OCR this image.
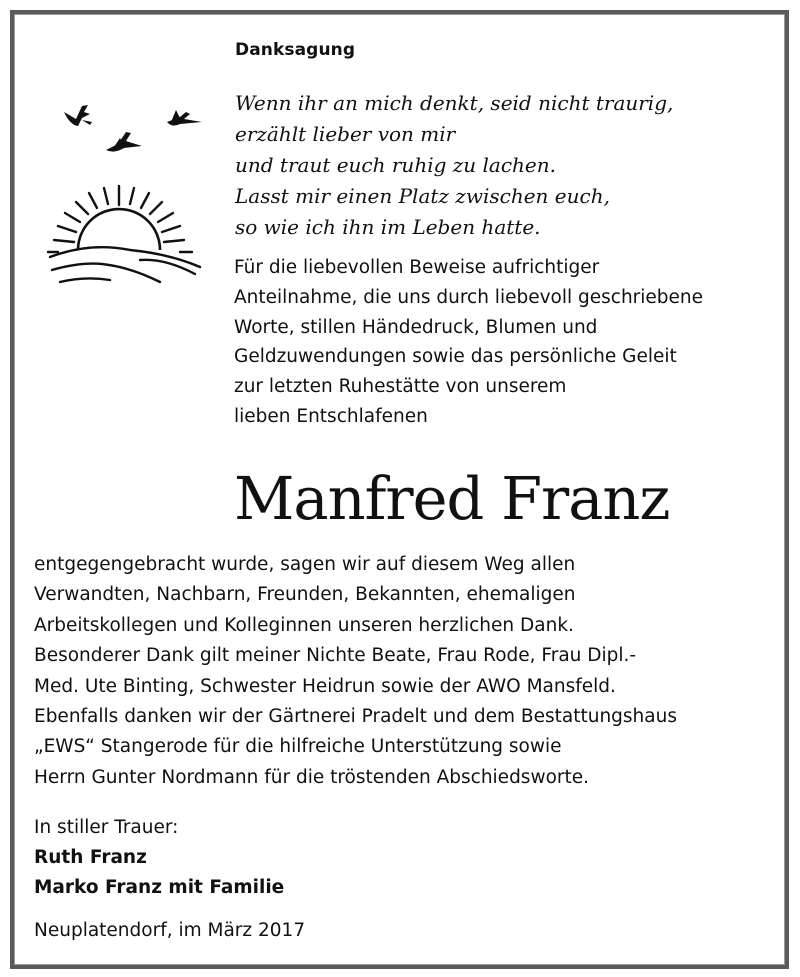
Danksagung
Wenn ihr an mich denkt, seid nicht traurig,
erzählt lieber von mir
und traut euch ruhig zu lachen.
Lasst mir einen Platz zwischen euch,
so wie ich ihn im Leben hatte.
Für die liebevollen Beweise aufrichtiger
Anteilnahme, die uns durch liebevoll geschriebene
Worte, stillen Händedruck, Blumen und
Geldzuwendungen sowie das persönliche Geleit
zur letzten Ruhestätte von unserem
lieben Entschlafenen
Manfred Franz
entgegengebracht wurde, sagen wir auf diesem Weg allen
Verwandten, Nachbarn, Freunden, Bekannten, ehemaligen
Arbeitskollegen und Kolleginnen unseren herzlichen Dank.
Besonderer Dank gilt meiner Nichte Beate, Frau Rode, Frau Dipl.-
Med. Ute Binting, Schwester Heidrun sowie der AWO Mansfeld.
Ebenfalls danken wir der Gärtnerei Pradelt und dem Bestattungshaus
„EWS“ Stangerode für die hilfreiche Unterstützung sowie
Herrn Gunter Nordmann für die tröstenden Abschiedsworte.
In stiller Trauer:
Ruth Franz
Marko Franz mit Familie
Neuplatendorf, im März 2017
